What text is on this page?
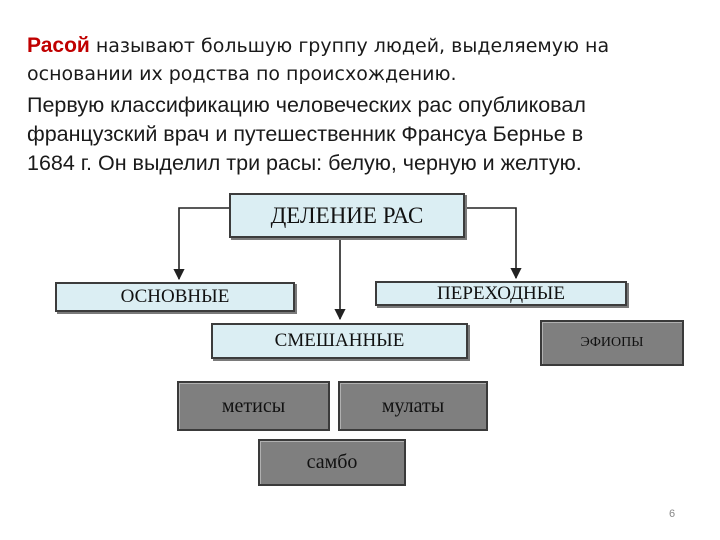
Расой называют большую группу людей, выделяемую на
основании их родства по происхождению.
Первую классификацию человеческих рас опубликовал
французский врач и путешественник Франсуа Бернье в
1684 г. Он выделил три расы: белую, черную и желтую.
ДЕЛЕНИЕ РАС
ОСНОВНЫЕ	ПЕРЕХОДНЫЕ
СМЕШАННЫЕ	ЭФИОПЫ
метисы	мулаты
самбо
6
